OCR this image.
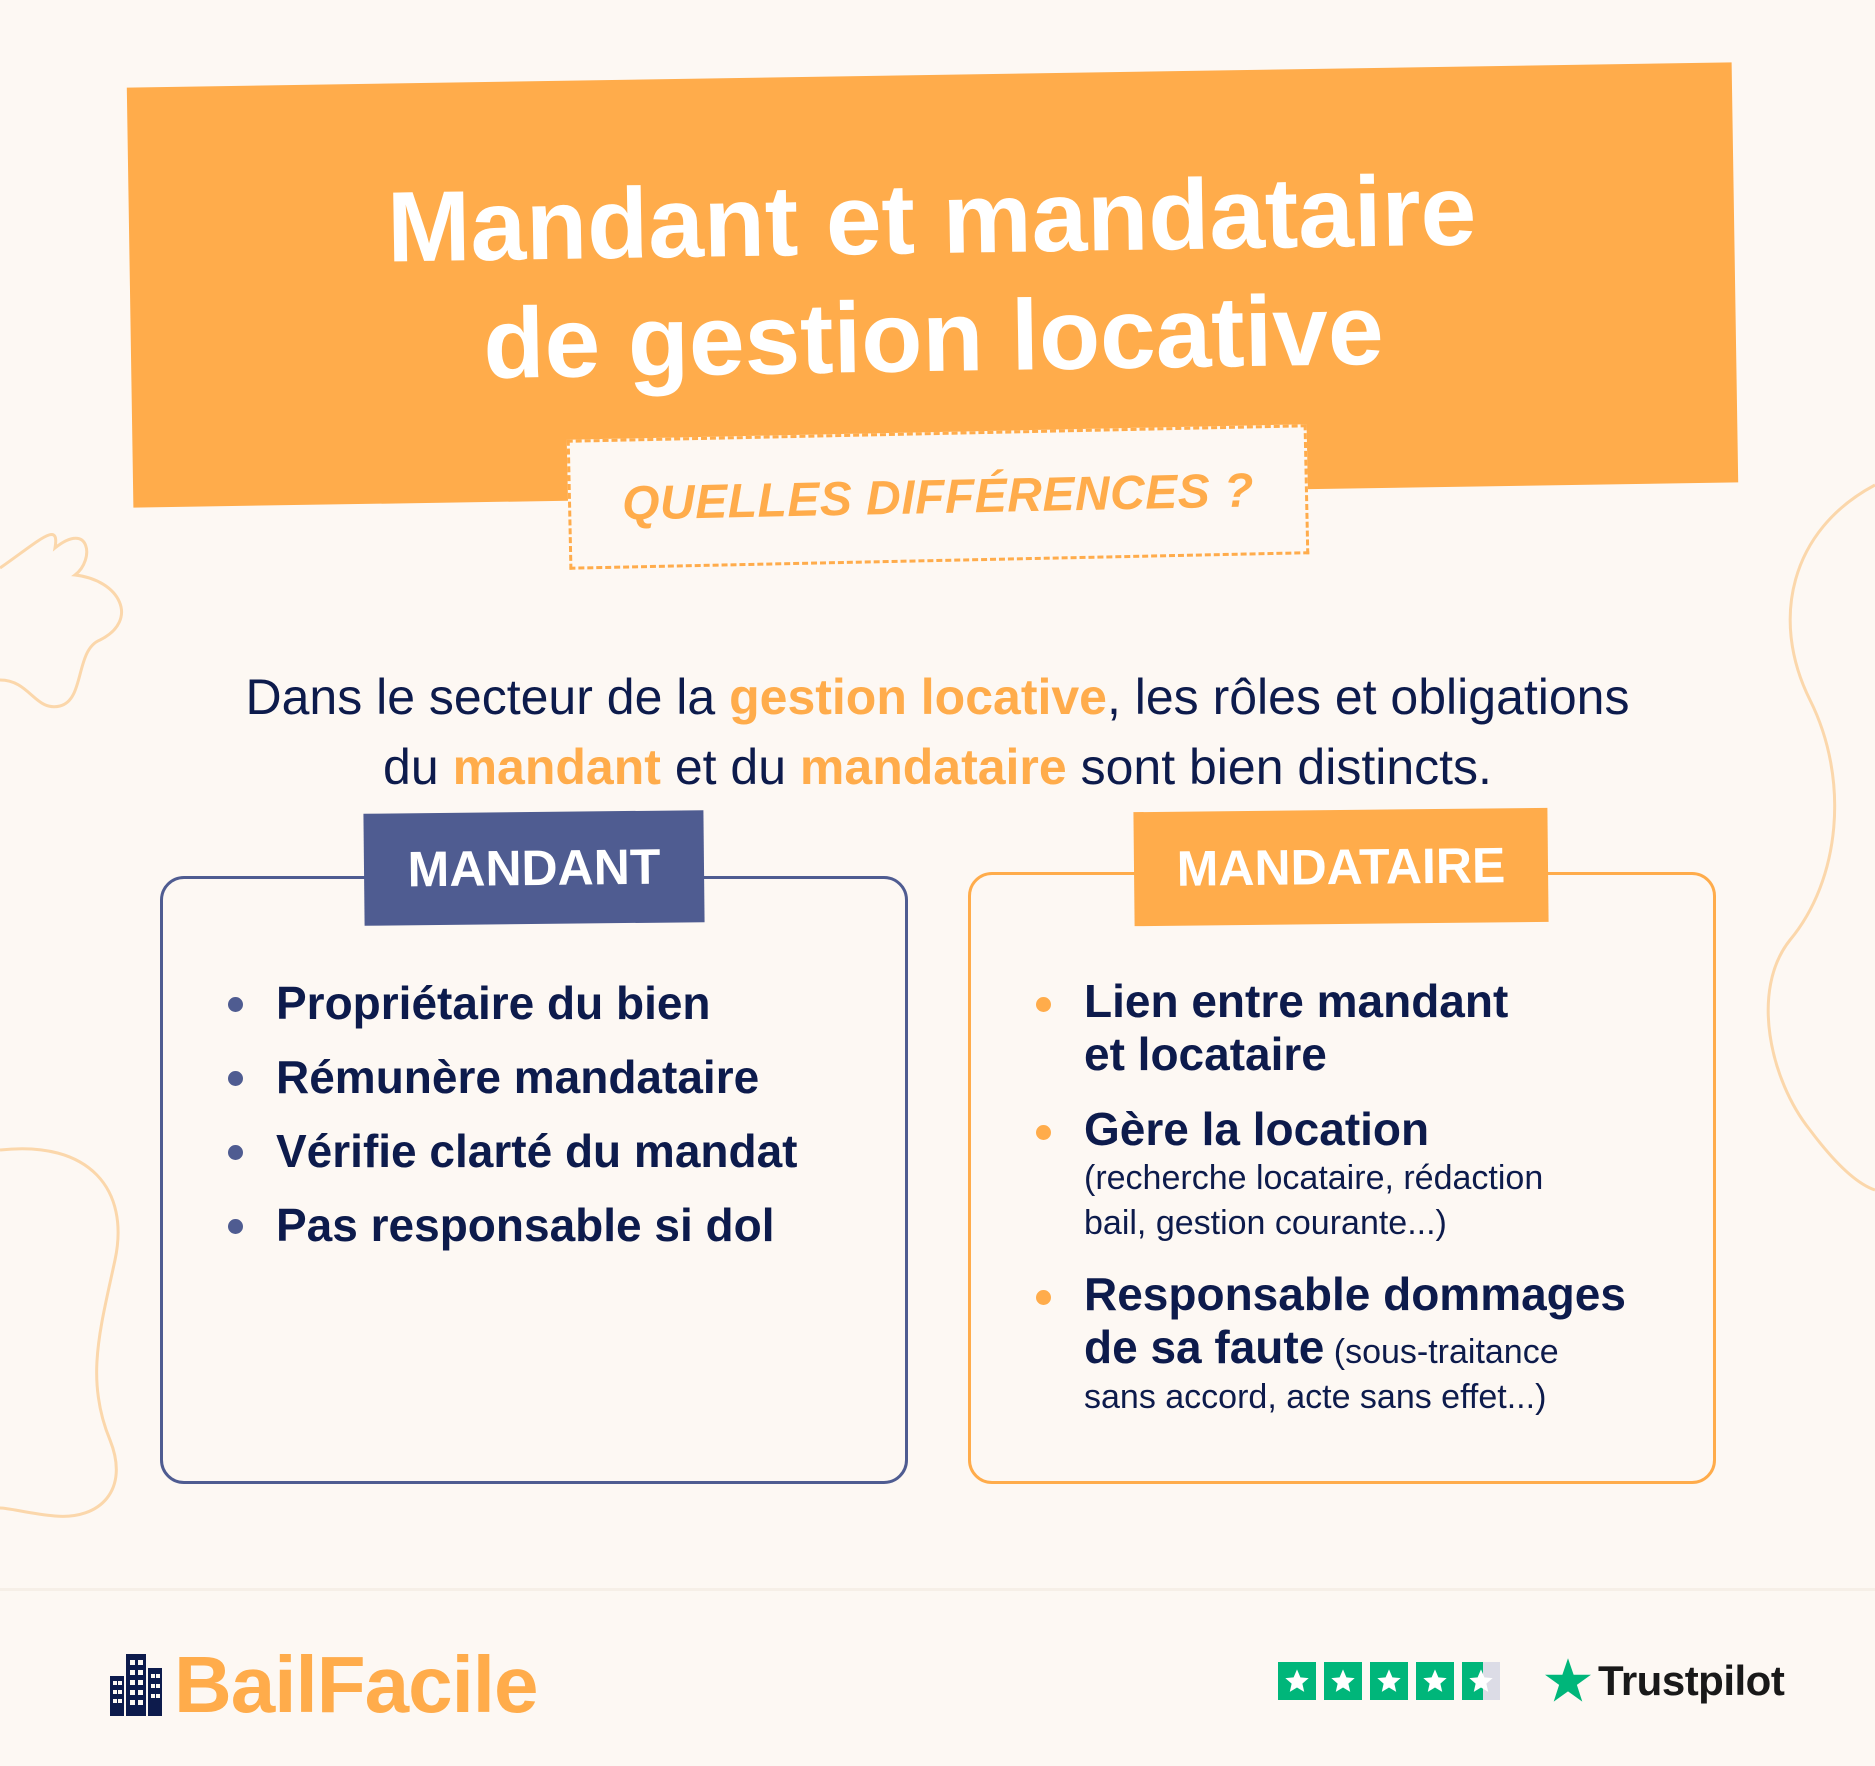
Mandant et mandataire
de gestion locative
QUELLES DIFFÉRENCES ?

Dans le secteur de la gestion locative, les rôles et obligations
du mandant et du mandataire sont bien distincts.

MANDANT
Propriétaire du bien
Rémunère mandataire
Vérifie clarté du mandat
Pas responsable si dol
MANDATAIRE
Lien entre mandant
et locataire
Gère la location
(recherche locataire, rédaction
bail, gestion courante...)
Responsable dommages
de sa faute (sous-traitance
sans accord, acte sans effet...)
BailFacile	Trustpilot
